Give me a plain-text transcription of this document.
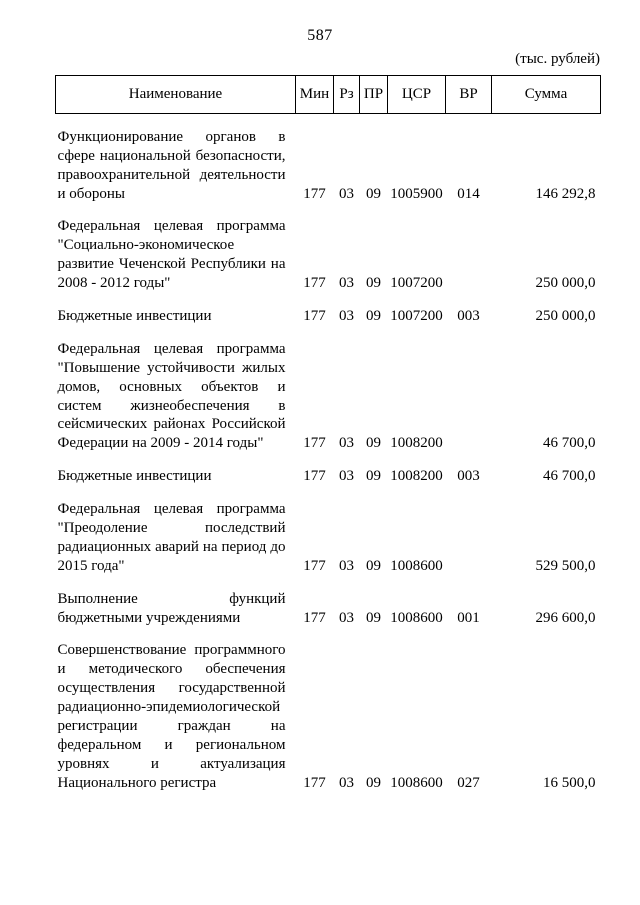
587
(тыс. рублей)
Наименование	Мин	Рз	ПР	ЦСР	ВР	Сумма
Функционирование органов в сфере национальной безопасности, правоохранительной деятельности и обороны	177	03	09	1005900	014	146 292,8
Федеральная целевая программа "Социально-экономическое развитие Чеченской Республики на 2008 - 2012 годы"	177	03	09	1007200		250 000,0
Бюджетные инвестиции	177	03	09	1007200	003	250 000,0
Федеральная целевая программа "Повышение устойчивости жилых домов, основных объектов и систем жизнеобеспечения в сейсмических районах Российской Федерации на 2009 - 2014 годы"	177	03	09	1008200		46 700,0
Бюджетные инвестиции	177	03	09	1008200	003	46 700,0
Федеральная целевая программа "Преодоление последствий радиационных аварий на период до 2015 года"	177	03	09	1008600		529 500,0
Выполнение функций бюджетными учреждениями	177	03	09	1008600	001	296 600,0
Совершенствование программного и методического обеспечения осуществления государственной радиационно-эпидемиологической регистрации граждан на федеральном и региональном уровнях и актуализация Национального регистра	177	03	09	1008600	027	16 500,0
